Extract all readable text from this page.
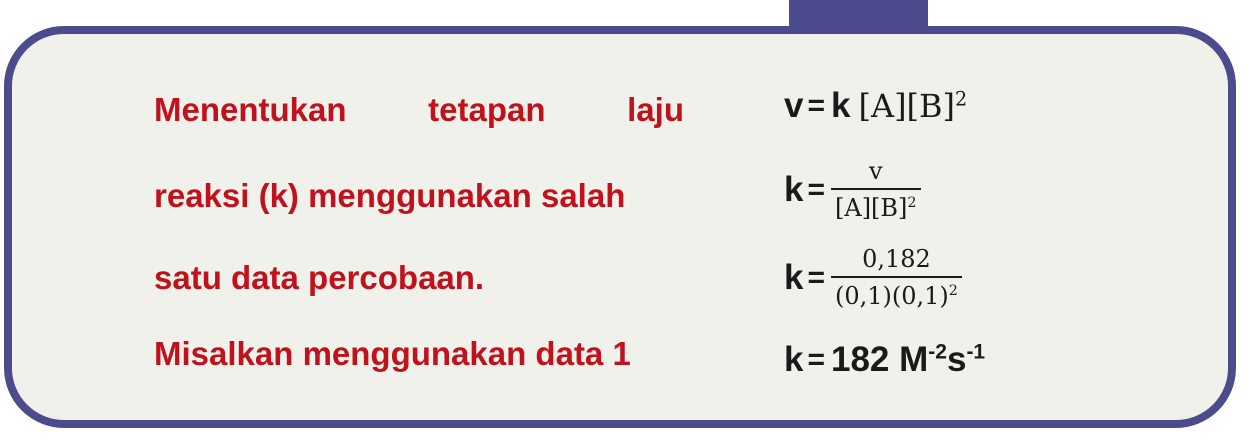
Menentukan tetapan laju
reaksi (k) menggunakan salah
satu data percobaan.
Misalkan menggunakan data 1
v = k $[A][B]^2$
$k = \frac{v}{[A][B]^2}$
$k = \frac{0,182}{(0,1)(0,1)^2}$
k = 182 $M^{-2}s^{-1}$
